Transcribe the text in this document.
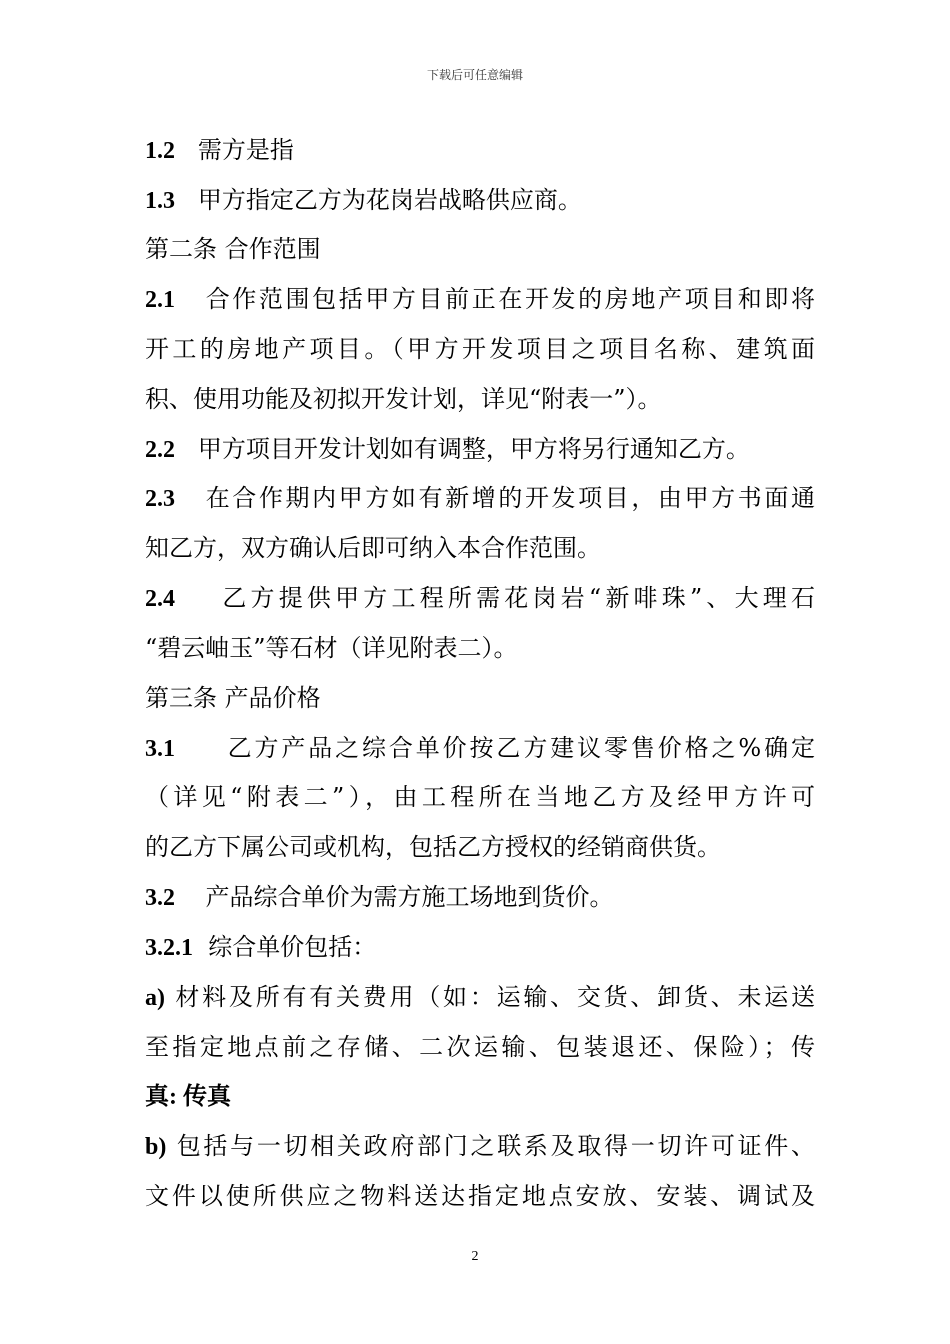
下载后可任意编辑
1.2 需方是指
1.3 甲方指定乙方为花岗岩战略供应商。
第二条 合作范围
2.1 合作范围包括甲方目前正在开发的房地产项目和即将
开工的房地产项目。（甲方开发项目之项目名称、建筑面
积、使用功能及初拟开发计划，详见“附表一”）。
2.2 甲方项目开发计划如有调整，甲方将另行通知乙方。
2.3 在合作期内甲方如有新增的开发项目，由甲方书面通
知乙方，双方确认后即可纳入本合作范围。
2.4 乙方提供甲方工程所需花岗岩“新啡珠”、大理石
“碧云岫玉”等石材（详见附表二）。
第三条 产品价格
3.1 乙方产品之综合单价按乙方建议零售价格之%确定
（详见“附表二”），由工程所在当地乙方及经甲方许可
的乙方下属公司或机构，包括乙方授权的经销商供货。
3.2 产品综合单价为需方施工场地到货价。
3.2.1 综合单价包括：
a) 材料及所有有关费用（如：运输、交货、卸货、未运送
至指定地点前之存储、二次运输、包装退还、保险）；传
真: 传真
b) 包括与一切相关政府部门之联系及取得一切许可证件、
文件以使所供应之物料送达指定地点安放、安装、调试及
2
